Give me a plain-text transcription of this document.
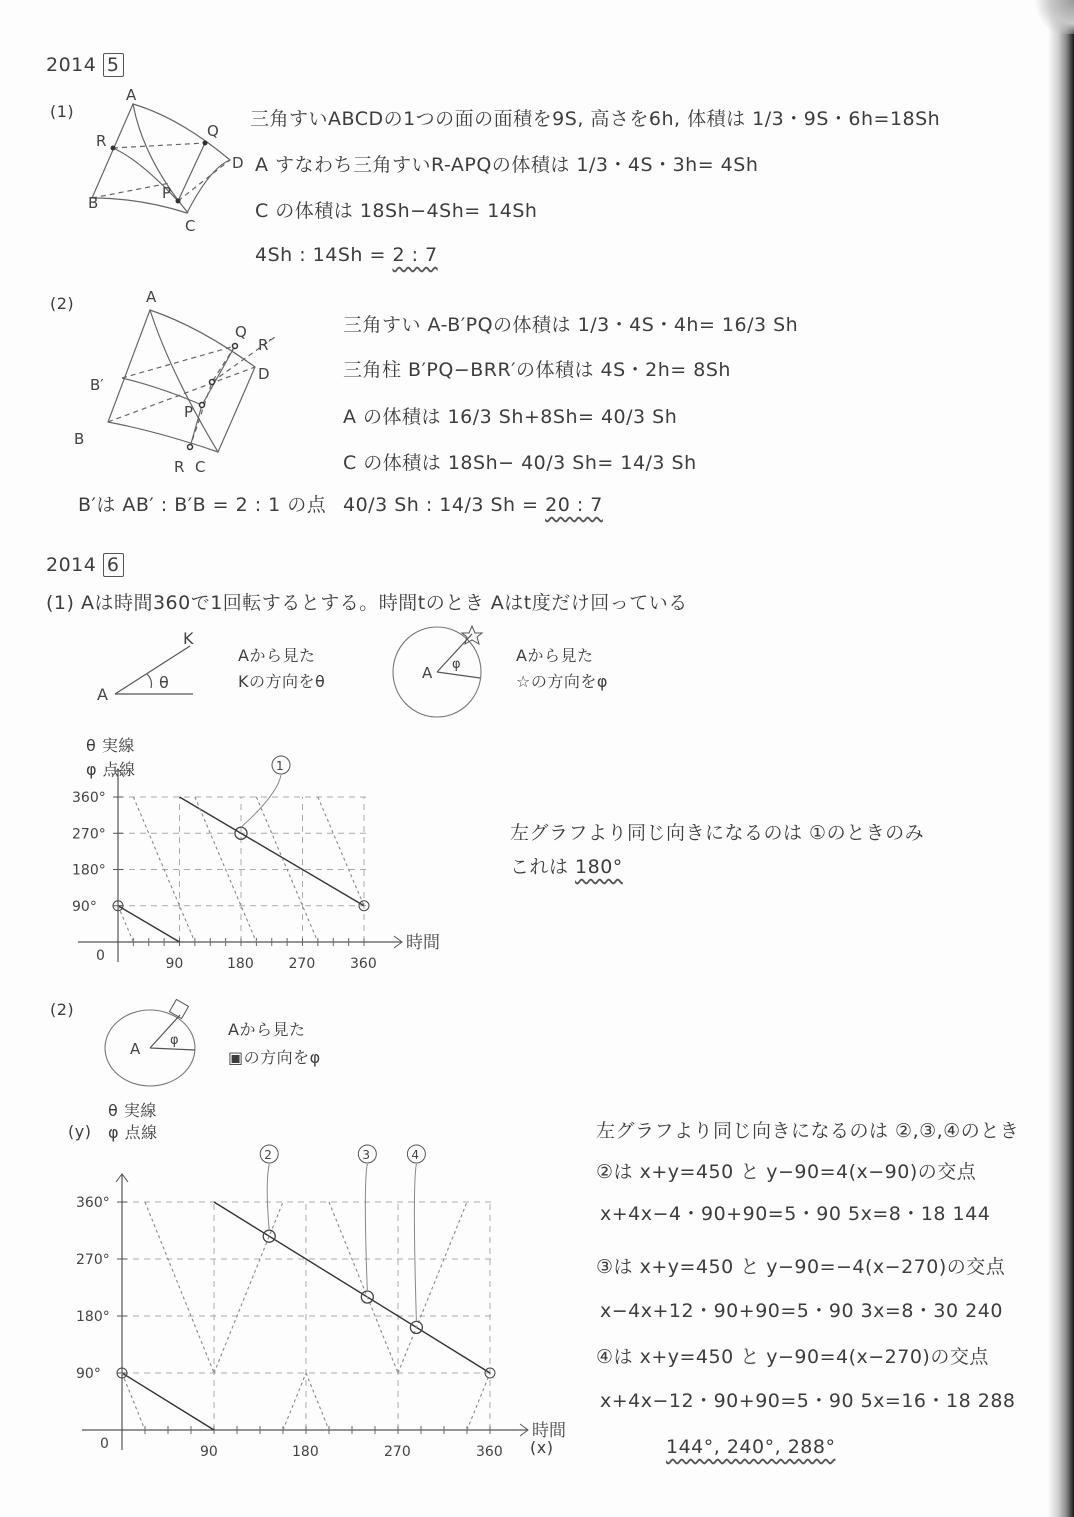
2014 5
(1)
A
B
C
D
P
Q
R
三角すいABCDの1つの面の面積を9S, 高さを6h, 体積は 1/3・9S・6h=18Sh
A すなわち三角すいR-APQの体積は 1/3・4S・3h= 4Sh
C の体積は 18Sh−4Sh= 14Sh
4Sh : 14Sh = 2 : 7
(2)	A
B
C
D
P
Q
R
B′
R′
B′は AB′ : B′B = 2 : 1 の点
三角すい A-B′PQの体積は 1/3・4S・4h= 16/3 Sh
三角柱 B′PQ−BRR′の体積は 4S・2h= 8Sh
A の体積は 16/3 Sh+8Sh= 40/3 Sh
C の体積は 18Sh− 40/3 Sh= 14/3 Sh
40/3 Sh : 14/3 Sh = 20 : 7
2014 6
(1) Aは時間360で1回転するとする。時間tのとき Aはt度だけ回っている
A
K
θ
Aから見た
Kの方向をθ	A φ	Aから見た
☆の方向をφ
θ 実線
φ 点線
0	90	180 270 360
90°
180°
270°
360°
時間
1
左グラフより同じ向きになるのは ①のときのみ
これは 180°
(2)
A φ
Aから見た
▣の方向をφ
θ 実線
φ 点線
(y)
0	90	180	270	360
90°
180°
270°
360°
時間
2	3	4
(x)
左グラフより同じ向きになるのは ②,③,④のとき
②は x+y=450 と y−90=4(x−90)の交点
x+4x−4・90+90=5・90 5x=8・18 144
③は x+y=450 と y−90=−4(x−270)の交点
x−4x+12・90+90=5・90 3x=8・30 240
④は x+y=450 と y−90=4(x−270)の交点
x+4x−12・90+90=5・90 5x=16・18 288
144°, 240°, 288°
